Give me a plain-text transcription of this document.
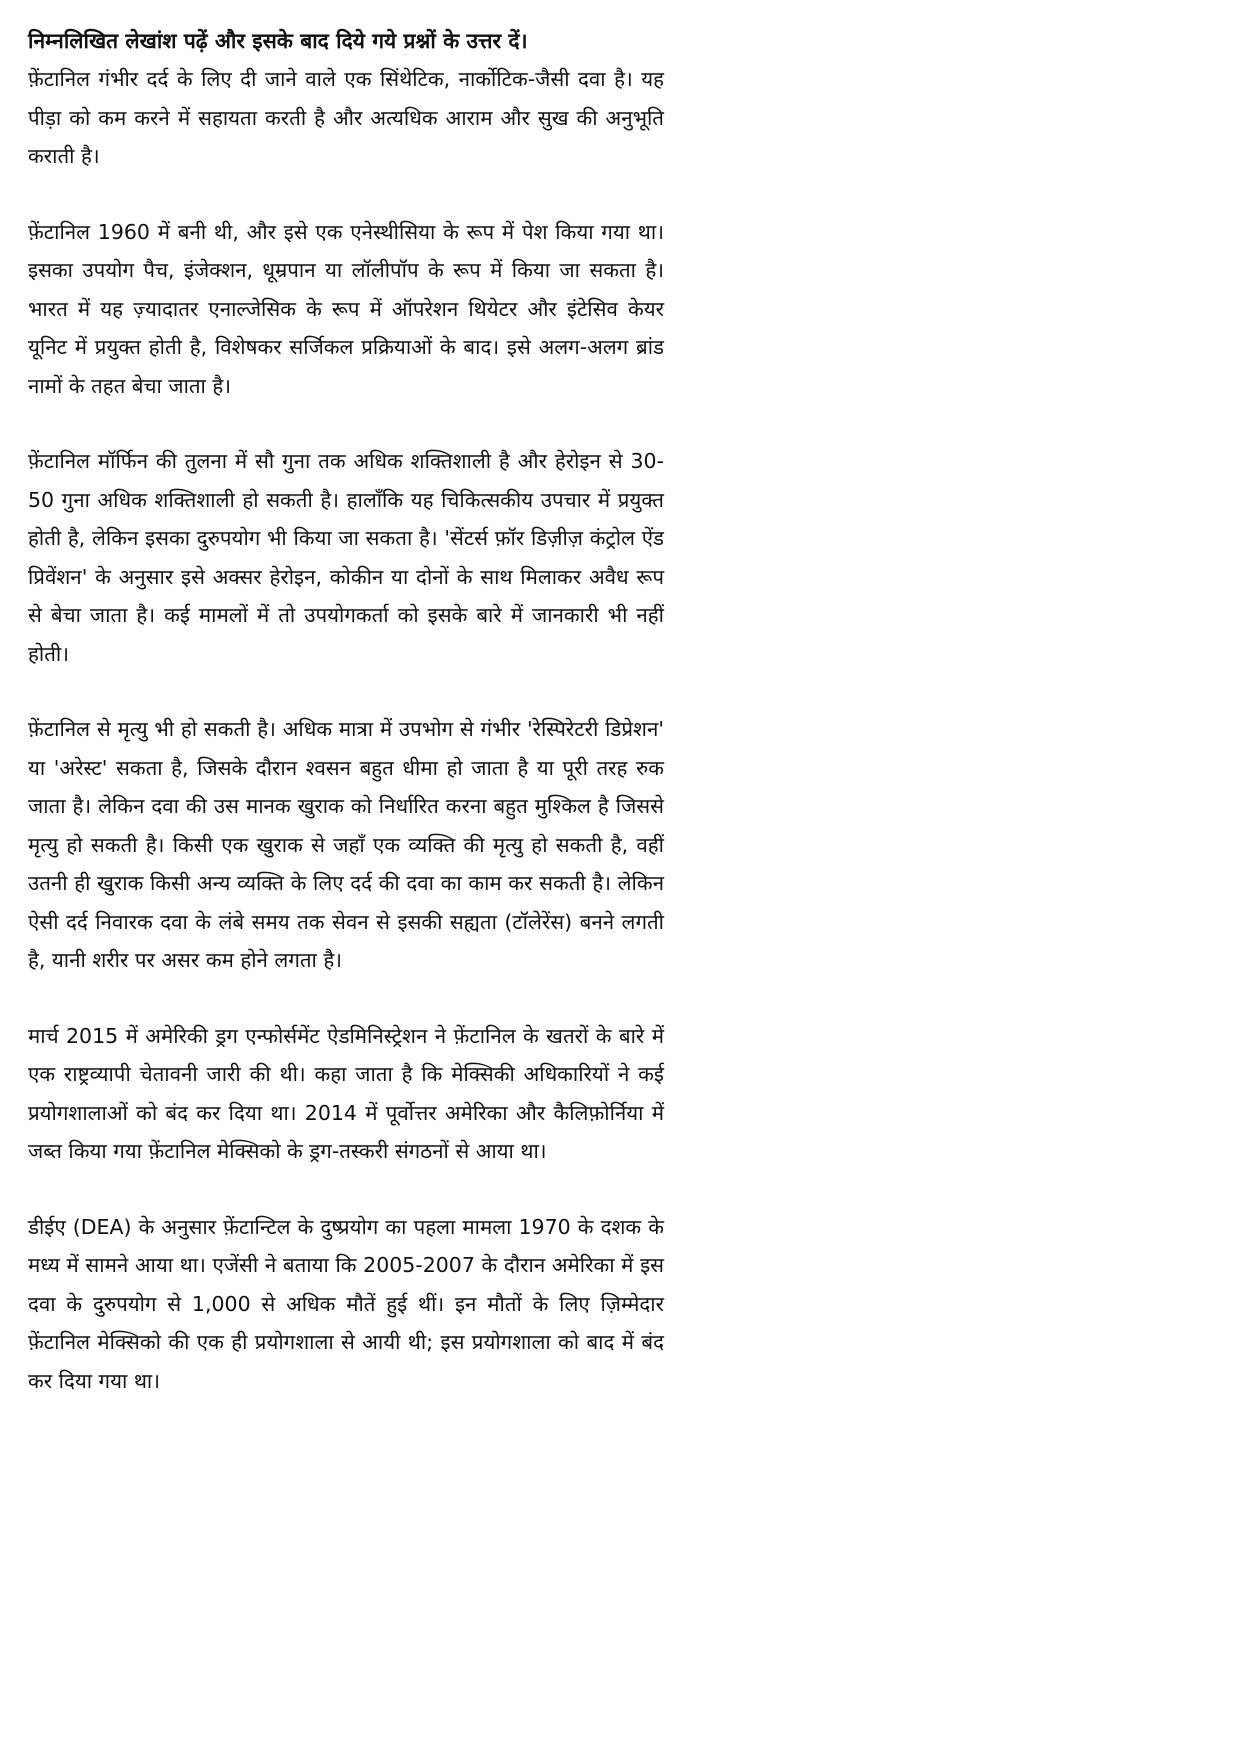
निम्नलिखित लेखांश पढ़ें और इसके बाद दिये गये प्रश्नों के उत्तर दें।

फ़ेंटानिल गंभीर दर्द के लिए दी जाने वाले एक सिंथेटिक, नार्कोटिक-जैसी दवा है। यह पीड़ा को कम करने में सहायता करती है और अत्यधिक आराम और सुख की अनुभूति कराती है।

फ़ेंटानिल 1960 में बनी थी, और इसे एक एनेस्थीसिया के रूप में पेश किया गया था। इसका उपयोग पैच, इंजेक्शन, धूम्रपान या लॉलीपॉप के रूप में किया जा सकता है। भारत में यह ज़्यादातर एनाल्जेसिक के रूप में ऑपरेशन थियेटर और इंटेसिव केयर यूनिट में प्रयुक्त होती है, विशेषकर सर्जिकल प्रक्रियाओं के बाद। इसे अलग-अलग ब्रांड नामों के तहत बेचा जाता है।

फ़ेंटानिल मॉर्फिन की तुलना में सौ गुना तक अधिक शक्तिशाली है और हेरोइन से 30-50 गुना अधिक शक्तिशाली हो सकती है। हालाँकि यह चिकित्सकीय उपचार में प्रयुक्त होती है, लेकिन इसका दुरुपयोग भी किया जा सकता है। 'सेंटर्स फ़ॉर डिज़ीज़ कंट्रोल ऐंड प्रिवेंशन' के अनुसार इसे अक्सर हेरोइन, कोकीन या दोनों के साथ मिलाकर अवैध रूप से बेचा जाता है। कई मामलों में तो उपयोगकर्ता को इसके बारे में जानकारी भी नहीं होती।

फ़ेंटानिल से मृत्यु भी हो सकती है। अधिक मात्रा में उपभोग से गंभीर 'रेस्पिरेटरी डिप्रेशन' या 'अरेस्ट' सकता है, जिसके दौरान श्वसन बहुत धीमा हो जाता है या पूरी तरह रुक जाता है। लेकिन दवा की उस मानक खुराक को निर्धारित करना बहुत मुश्किल है जिससे मृत्यु हो सकती है। किसी एक खुराक से जहाँ एक व्यक्ति की मृत्यु हो सकती है, वहीं उतनी ही खुराक किसी अन्य व्यक्ति के लिए दर्द की दवा का काम कर सकती है। लेकिन ऐसी दर्द निवारक दवा के लंबे समय तक सेवन से इसकी सह्यता (टॉलेरेंस) बनने लगती है, यानी शरीर पर असर कम होने लगता है।

मार्च 2015 में अमेरिकी ड्रग एन्फोर्समेंट ऐडमिनिस्ट्रेशन ने फ़ेंटानिल के खतरों के बारे में एक राष्ट्रव्यापी चेतावनी जारी की थी। कहा जाता है कि मेक्सिकी अधिकारियों ने कई प्रयोगशालाओं को बंद कर दिया था। 2014 में पूर्वोत्तर अमेरिका और कैलिफ़ोर्निया में जब्त किया गया फ़ेंटानिल मेक्सिको के ड्रग-तस्करी संगठनों से आया था।

डीईए (DEA) के अनुसार फ़ेंटान्टिल के दुष्प्रयोग का पहला मामला 1970 के दशक के मध्य में सामने आया था। एजेंसी ने बताया कि 2005-2007 के दौरान अमेरिका में इस दवा के दुरुपयोग से 1,000 से अधिक मौतें हुई थीं। इन मौतों के लिए ज़िम्मेदार फ़ेंटानिल मेक्सिको की एक ही प्रयोगशाला से आयी थी; इस प्रयोगशाला को बाद में बंद कर दिया गया था।
